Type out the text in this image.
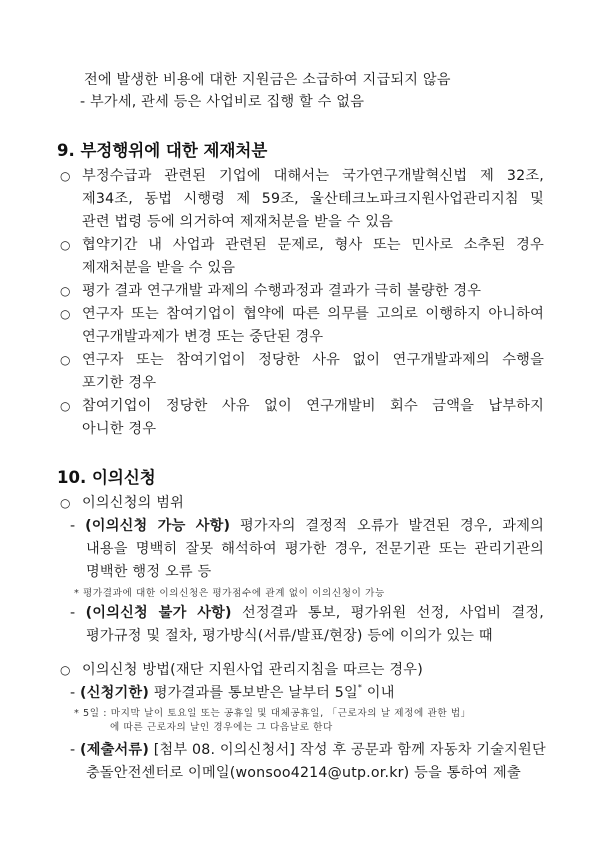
전에 발생한 비용에 대한 지원금은 소급하여 지급되지 않음
- 부가세, 관세 등은 사업비로 집행 할 수 없음
9. 부정행위에 대한 제재처분
○ 부정수급과 관련된 기업에 대해서는 국가연구개발혁신법 제 32조,
제34조, 동법 시행령 제 59조, 울산테크노파크지원사업관리지침 및
관련 법령 등에 의거하여 제재처분을 받을 수 있음
○ 협약기간 내 사업과 관련된 문제로, 형사 또는 민사로 소추된 경우
제재처분을 받을 수 있음
○ 평가 결과 연구개발 과제의 수행과정과 결과가 극히 불량한 경우
○ 연구자 또는 참여기업이 협약에 따른 의무를 고의로 이행하지 아니하여
연구개발과제가 변경 또는 중단된 경우
○ 연구자 또는 참여기업이 정당한 사유 없이 연구개발과제의 수행을
포기한 경우
○ 참여기업이 정당한 사유 없이 연구개발비 회수 금액을 납부하지
아니한 경우
10. 이의신청
○ 이의신청의 범위
- (이의신청 가능 사항) 평가자의 결정적 오류가 발견된 경우, 과제의
내용을 명백히 잘못 해석하여 평가한 경우, 전문기관 또는 관리기관의
명백한 행정 오류 등
* 평가결과에 대한 이의신청은 평가점수에 관계 없이 이의신청이 가능
- (이의신청 불가 사항) 선정결과 통보, 평가위원 선정, 사업비 결정,
평가규정 및 절차, 평가방식(서류/발표/현장) 등에 이의가 있는 때
○ 이의신청 방법(재단 지원사업 관리지침을 따르는 경우)
- (신청기한) 평가결과를 통보받은 날부터 5일* 이내
* 5일 : 마지막 날이 토요일 또는 공휴일 및 대체공휴일, 「근로자의 날 제정에 관한 법」
에 따른 근로자의 날인 경우에는 그 다음날로 한다
- (제출서류) [첨부 08. 이의신청서] 작성 후 공문과 함께 자동차 기술지원단
충돌안전센터로 이메일(wonsoo4214@utp.or.kr) 등을 통하여 제출
